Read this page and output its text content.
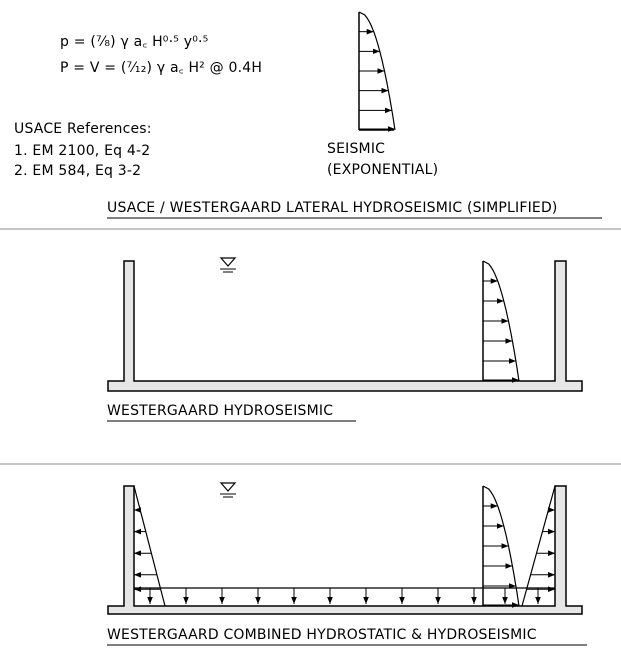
p = (⁷⁄₈) γ a꜀ H⁰·⁵ y⁰·⁵
P = V = (⁷⁄₁₂) γ a꜀ H² @ 0.4H
USACE References:
1. EM 2100, Eq 4-2
2. EM 584, Eq 3-2
SEISMIC
(EXPONENTIAL)
USACE / WESTERGAARD LATERAL HYDROSEISMIC (SIMPLIFIED)
WESTERGAARD HYDROSEISMIC
WESTERGAARD COMBINED HYDROSTATIC & HYDROSEISMIC
